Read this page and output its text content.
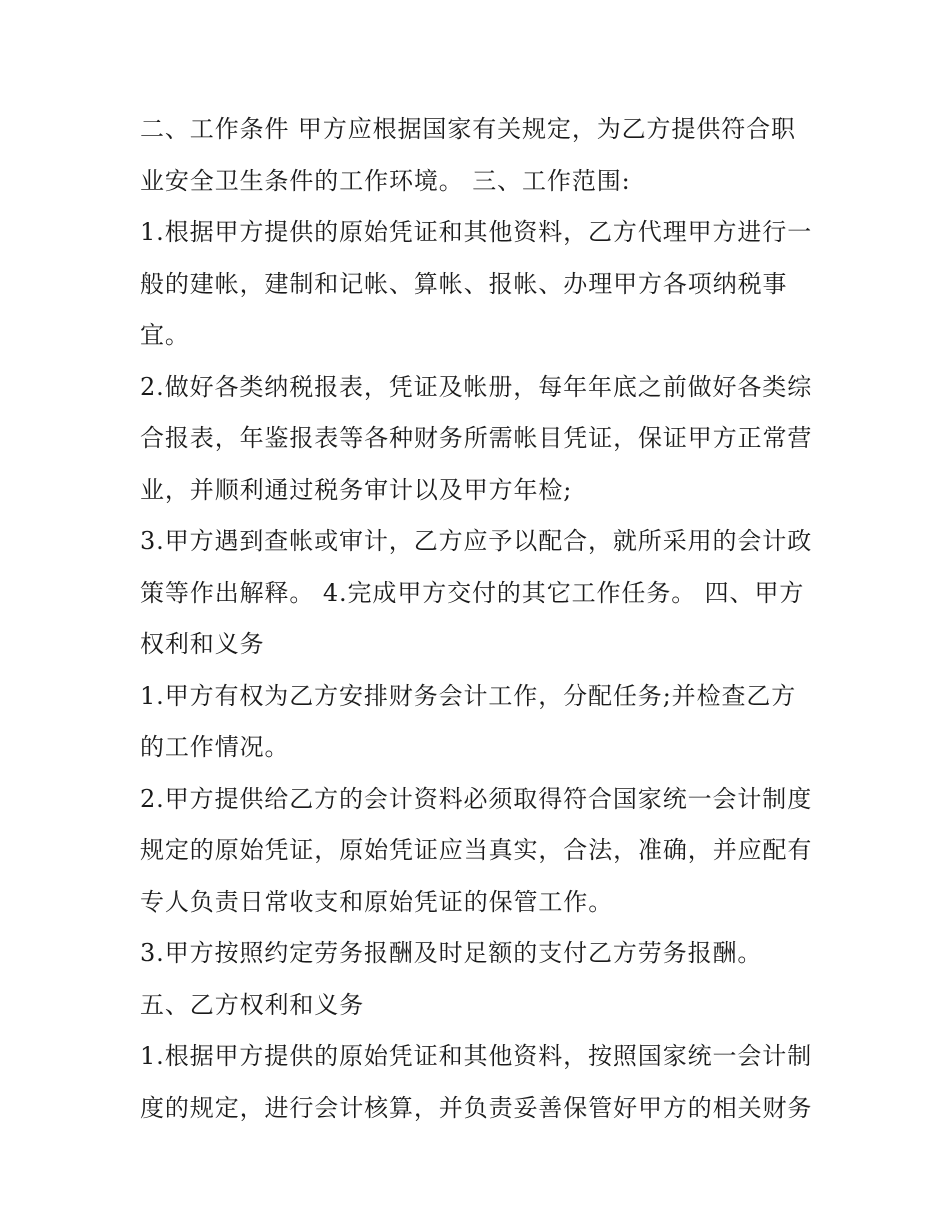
二、工作条件 甲方应根据国家有关规定，为乙方提供符合职业安全卫生条件的工作环境。 三、工作范围:

1.根据甲方提供的原始凭证和其他资料，乙方代理甲方进行一般的建帐，建制和记帐、算帐、报帐、办理甲方各项纳税事宜。

2.做好各类纳税报表，凭证及帐册，每年年底之前做好各类综合报表，年鉴报表等各种财务所需帐目凭证，保证甲方正常营业，并顺利通过税务审计以及甲方年检;

3.甲方遇到查帐或审计，乙方应予以配合，就所采用的会计政策等作出解释。 4.完成甲方交付的其它工作任务。 四、甲方权利和义务

1.甲方有权为乙方安排财务会计工作，分配任务;并检查乙方的工作情况。

2.甲方提供给乙方的会计资料必须取得符合国家统一会计制度规定的原始凭证，原始凭证应当真实，合法，准确，并应配有专人负责日常收支和原始凭证的保管工作。

3.甲方按照约定劳务报酬及时足额的支付乙方劳务报酬。 五、乙方权利和义务

1.根据甲方提供的原始凭证和其他资料，按照国家统一会计制度的规定，进行会计核算，并负责妥善保管好甲方的相关财务
